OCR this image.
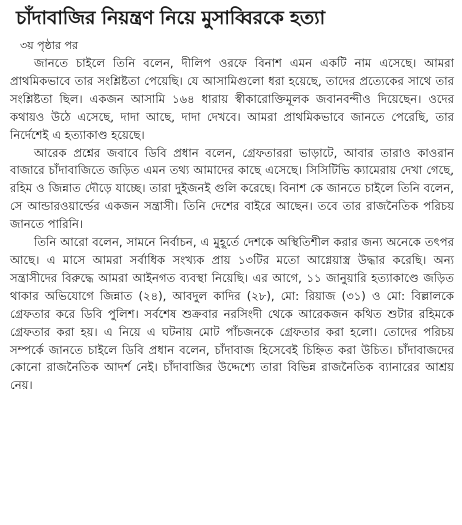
চাঁদাবাজির নিয়ন্ত্রণ নিয়ে মুসাব্বিরকে হত্যা
৩য় পৃষ্ঠার পর

জানতে চাইলে তিনি বলেন, দীলিপ ওরফে বিনাশ এমন একটি নাম এসেছে। আমরা প্রাথমিকভাবে তার সংশ্লিষ্টতা পেয়েছি। যে আসামিগুলো ধরা হয়েছে, তাদের প্রত্যেকের সাথে তার সংশ্লিষ্টতা ছিল। একজন আসামি ১৬৪ ধারায় স্বীকারোক্তিমূলক জবানবন্দীও দিয়েছেন। ওদের কথায়ও উঠে এসেছে, দাদা আছে, দাদা দেখবে। আমরা প্রাথমিকভাবে জানতে পেরেছি, তার নির্দেশেই এ হত্যাকাণ্ড হয়েছে।

আরেক প্রশ্নের জবাবে ডিবি প্রধান বলেন, গ্রেফতাররা ভাড়াটে, আবার তারাও কাওরান বাজারে চাঁদাবাজিতে জড়িত এমন তথ্য আমাদের কাছে এসেছে। সিসিটিভি ক্যামেরায় দেখা গেছে, রহিম ও জিন্নাত দৌড়ে যাচ্ছে। তারা দুইজনই গুলি করেছে। বিনাশ কে জানতে চাইলে তিনি বলেন, সে আন্ডারওয়ার্ল্ডের একজন সন্ত্রাসী। তিনি দেশের বাইরে আছেন। তবে তার রাজনৈতিক পরিচয় জানতে পারিনি।

তিনি আরো বলেন, সামনে নির্বাচন, এ মুহূর্তে দেশকে অস্থিতিশীল করার জন্য অনেকে তৎপর আছে। এ মাসে আমরা সর্বাধিক সংখ্যক প্রায় ১৩টির মতো আগ্নেয়াস্ত্র উদ্ধার করেছি। অন্য সন্ত্রাসীদের বিরুদ্ধে আমরা আইনগত ব্যবস্থা নিয়েছি। এর আগে, ১১ জানুয়ারি হত্যাকাণ্ডে জড়িত থাকার অভিযোগে জিন্নাত (২৪), আবদুল কাদির (২৮), মো: রিয়াজ (৩১) ও মো: বিল্লালকে গ্রেফতার করে ডিবি পুলিশ। সর্বশেষ শুক্রবার নরসিংদী থেকে আরেকজন কথিত শুটার রহিমকে গ্রেফতার করা হয়। এ নিয়ে এ ঘটনায় মোট পাঁচজনকে গ্রেফতার করা হলো। তোদের পরিচয় সম্পর্কে জানতে চাইলে ডিবি প্রধান বলেন, চাঁদাবাজ হিসেবেই চিহ্নিত করা উচিত। চাঁদাবাজদের কোনো রাজনৈতিক আদর্শ নেই। চাঁদাবাজির উদ্দেশ্যে তারা বিভিন্ন রাজনৈতিক ব্যানারের আশ্রয় নেয়।
